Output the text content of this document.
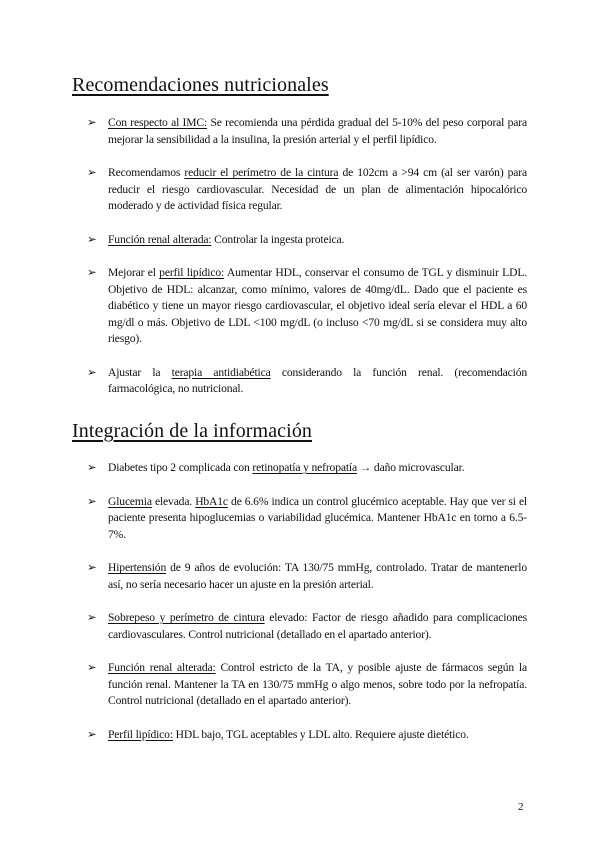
Recomendaciones nutricionales
➢ Con respecto al IMC: Se recomienda una pérdida gradual del 5-10% del peso corporal para mejorar la sensibilidad a la insulina, la presión arterial y el perfil lipídico.
➢ Recomendamos reducir el perímetro de la cintura de 102cm a >94 cm (al ser varón) para reducir el riesgo cardiovascular. Necesidad de un plan de alimentación hipocalórico moderado y de actividad física regular.
➢ Función renal alterada: Controlar la ingesta proteica.
➢ Mejorar el perfil lipídico: Aumentar HDL, conservar el consumo de TGL y disminuir LDL. Objetivo de HDL: alcanzar, como mínimo, valores de 40mg/dL. Dado que el paciente es diabético y tiene un mayor riesgo cardiovascular, el objetivo ideal sería elevar el HDL a 60 mg/dl o más. Objetivo de LDL <100 mg/dL (o incluso <70 mg/dL si se considera muy alto riesgo).
➢ Ajustar la terapia antidiabética considerando la función renal. (recomendación farmacológica, no nutricional.
Integración de la información
➢ Diabetes tipo 2 complicada con retinopatía y nefropatía → daño microvascular.
➢ Glucemia elevada. HbA1c de 6.6% indica un control glucémico aceptable. Hay que ver si el paciente presenta hipoglucemias o variabilidad glucémica. Mantener HbA1c en torno a 6.5-7%.
➢ Hipertensión de 9 años de evolución: TA 130/75 mmHg, controlado. Tratar de mantenerlo así, no sería necesario hacer un ajuste en la presión arterial.
➢ Sobrepeso y perímetro de cintura elevado: Factor de riesgo añadido para complicaciones cardiovasculares. Control nutricional (detallado en el apartado anterior).
➢ Función renal alterada: Control estricto de la TA, y posible ajuste de fármacos según la función renal. Mantener la TA en 130/75 mmHg o algo menos, sobre todo por la nefropatía. Control nutricional (detallado en el apartado anterior).
➢ Perfil lipídico: HDL bajo, TGL aceptables y LDL alto. Requiere ajuste dietético.
2
